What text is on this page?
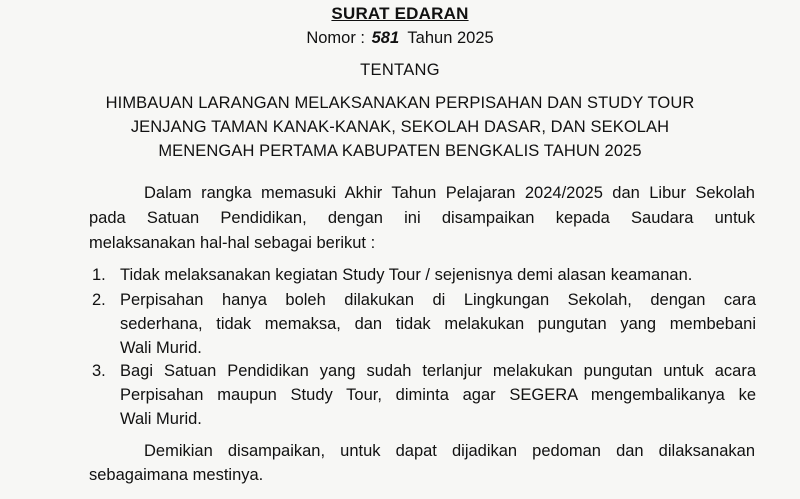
SURAT EDARAN
Nomor : 581 Tahun 2025
TENTANG
HIMBAUAN LARANGAN MELAKSANAKAN PERPISAHAN DAN STUDY TOUR
JENJANG TAMAN KANAK-KANAK, SEKOLAH DASAR, DAN SEKOLAH
MENENGAH PERTAMA KABUPATEN BENGKALIS TAHUN 2025
Dalam rangka memasuki Akhir Tahun Pelajaran 2024/2025 dan Libur Sekolah
pada Satuan Pendidikan, dengan ini disampaikan kepada Saudara untuk
melaksanakan hal-hal sebagai berikut :
1. Tidak melaksanakan kegiatan Study Tour / sejenisnya demi alasan keamanan.
2. Perpisahan hanya boleh dilakukan di Lingkungan Sekolah, dengan cara
sederhana, tidak memaksa, dan tidak melakukan pungutan yang membebani
Wali Murid.
3. Bagi Satuan Pendidikan yang sudah terlanjur melakukan pungutan untuk acara
Perpisahan maupun Study Tour, diminta agar SEGERA mengembalikanya ke
Wali Murid.
Demikian disampaikan, untuk dapat dijadikan pedoman dan dilaksanakan
sebagaimana mestinya.
